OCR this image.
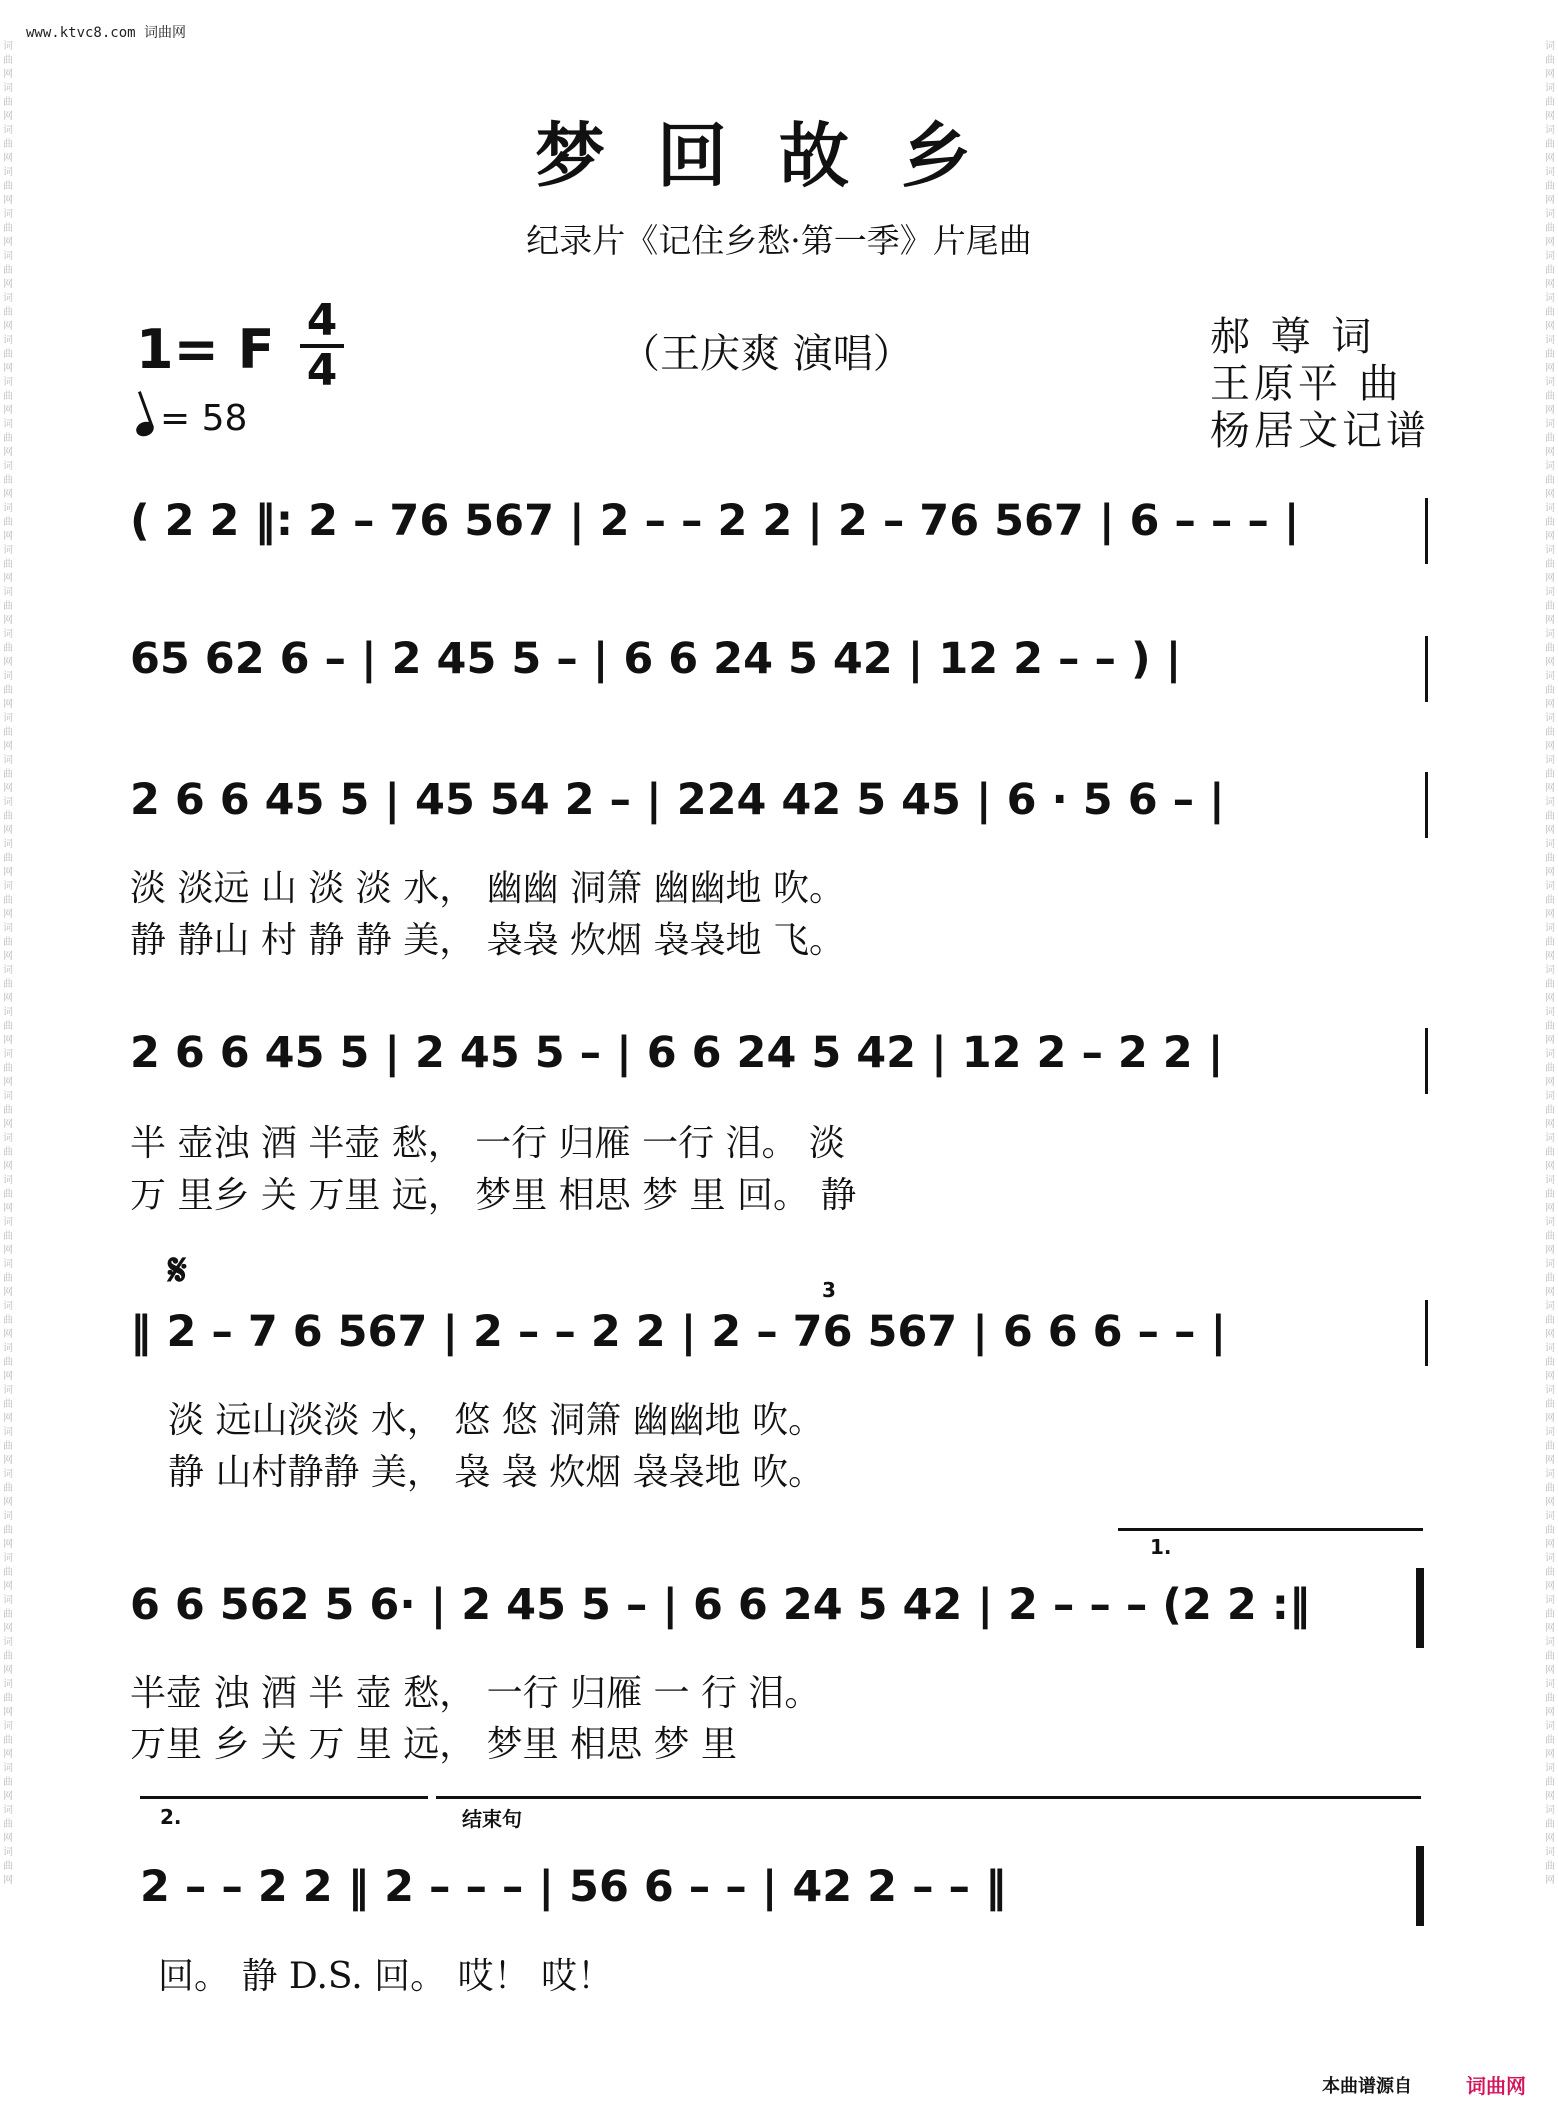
www.ktvc8.com 词曲网
词曲网词曲网词曲网词曲网词曲网词曲网词曲网词曲网词曲网词曲网词曲网词曲网词曲网词曲网词曲网词曲网词曲网词曲网词曲网词曲网词曲网词曲网词曲网词曲网词曲网词曲网词曲网词曲网词曲网词曲网词曲网词曲网词曲网词曲网词曲网词曲网词曲网词曲网词曲网词曲网词曲网词曲网词曲网词曲网
词曲网词曲网词曲网词曲网词曲网词曲网词曲网词曲网词曲网词曲网词曲网词曲网词曲网词曲网词曲网词曲网词曲网词曲网词曲网词曲网词曲网词曲网词曲网词曲网词曲网词曲网词曲网词曲网词曲网词曲网词曲网词曲网词曲网词曲网词曲网词曲网词曲网词曲网词曲网词曲网词曲网词曲网词曲网词曲网
梦回故乡
纪录片《记住乡愁·第一季》片尾曲
1= F 4
4
= 58
（王庆爽 演唱）	郝 尊 词
王原平 曲
杨居文记谱
( 2 2 ‖: 2 – 76 567 | 2 – – 2 2 | 2 – 76 567 | 6 – – – |
65 62 6 – | 2 45 5 – | 6 6 24 5 42 | 12 2 – – ) |
2 6 6 45 5 | 45 54 2 – | 224 42 5 45 | 6 · 5 6 – |
淡 淡远 山 淡 淡 水， 幽幽 洞箫 幽幽地 吹。
静 静山 村 静 静 美， 袅袅 炊烟 袅袅地 飞。
2 6 6 45 5 | 2 45 5 – | 6 6 24 5 42 | 12 2 – 2 2 |
半 壶浊 酒 半壶 愁， 一行 归雁 一行 泪。 淡
万 里乡 关 万里 远， 梦里 相思 梦 里 回。 静
𝄋	3
‖ 2 – 7 6 567 | 2 – – 2 2 | 2 – 76 567 | 6 6 6 – – |
淡 远山淡淡 水， 悠 悠 洞箫 幽幽地 吹。
静 山村静静 美， 袅 袅 炊烟 袅袅地 吹。
1.
6 6 562 5 6· | 2 45 5 – | 6 6 24 5 42 | 2 – – – (2 2 :‖
半壶 浊 酒 半 壶 愁， 一行 归雁 一 行 泪。
万里 乡 关 万 里 远， 梦里 相思 梦 里
2.	结束句
2 – – 2 2 ‖ 2 – – – | 56 6 – – | 42 2 – – ‖
回。 静 D.S. 回。 哎！ 哎！
本曲谱源自	词曲网
